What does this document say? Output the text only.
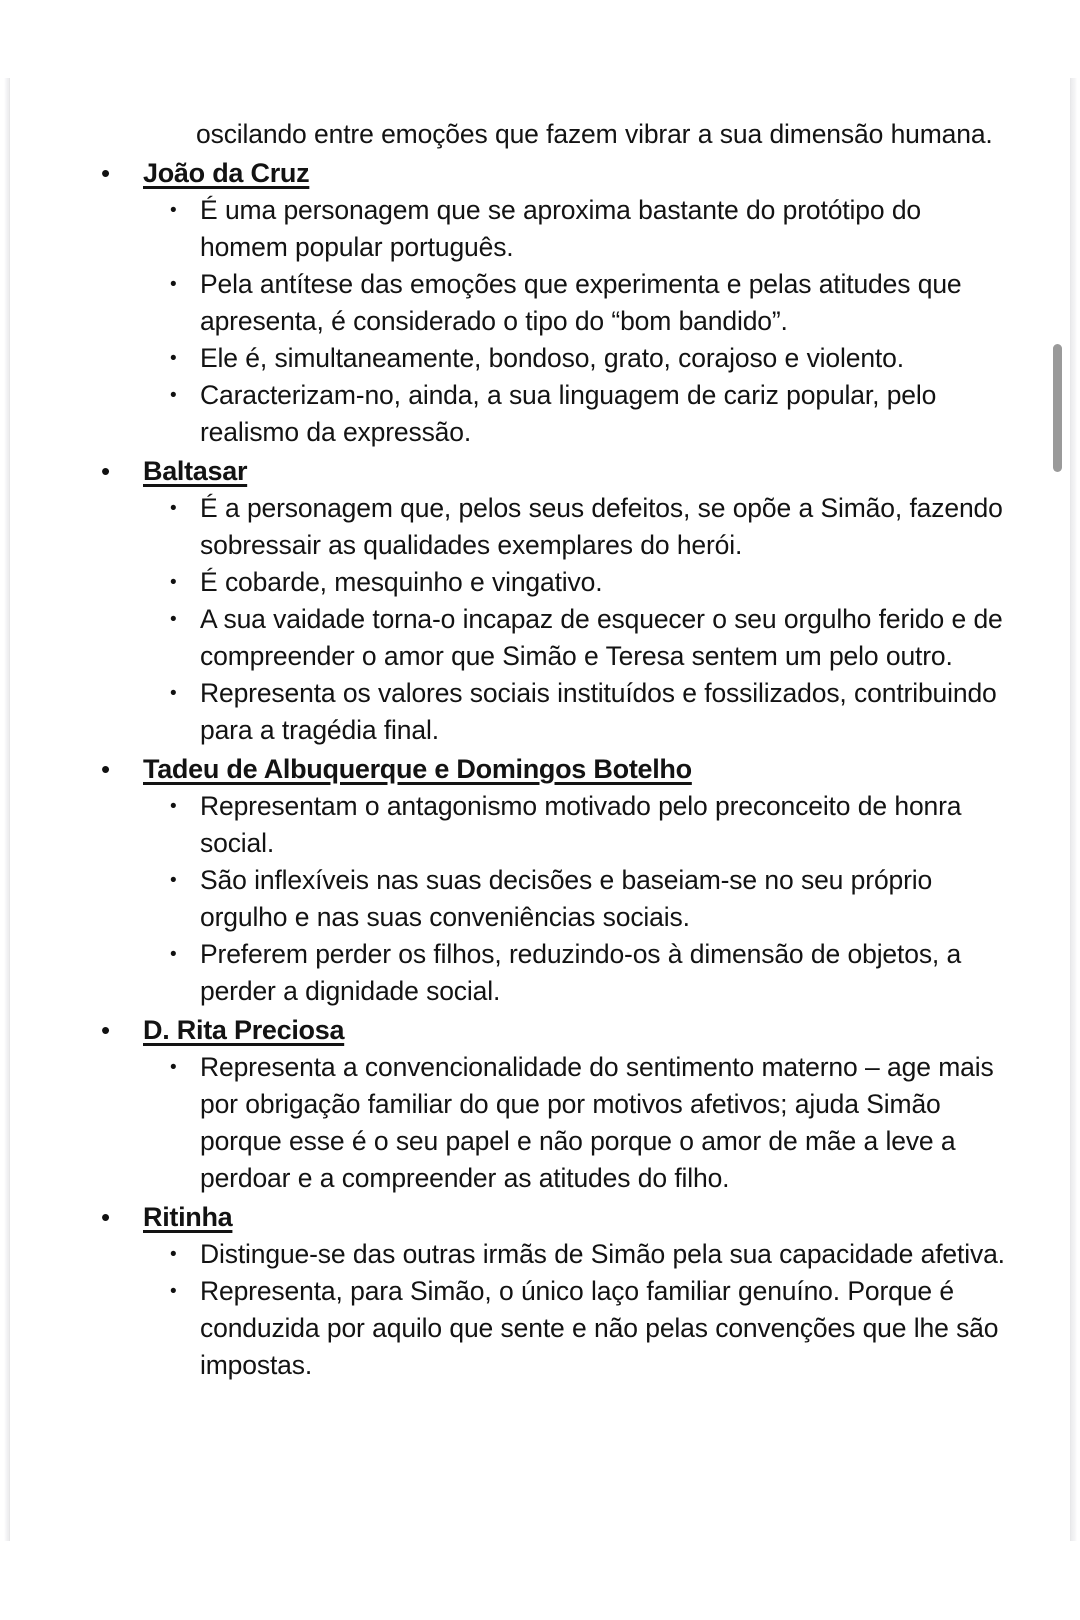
oscilando entre emoções que fazem vibrar a sua dimensão humana.
• João da Cruz
• É uma personagem que se aproxima bastante do protótipo do homem popular português.
• Pela antítese das emoções que experimenta e pelas atitudes que apresenta, é considerado o tipo do “bom bandido”.
• Ele é, simultaneamente, bondoso, grato, corajoso e violento.
• Caracterizam-no, ainda, a sua linguagem de cariz popular, pelo realismo da expressão.
• Baltasar
• É a personagem que, pelos seus defeitos, se opõe a Simão, fazendo sobressair as qualidades exemplares do herói.
• É cobarde, mesquinho e vingativo.
• A sua vaidade torna-o incapaz de esquecer o seu orgulho ferido e de compreender o amor que Simão e Teresa sentem um pelo outro.
• Representa os valores sociais instituídos e fossilizados, contribuindo para a tragédia final.
• Tadeu de Albuquerque e Domingos Botelho
• Representam o antagonismo motivado pelo preconceito de honra social.
• São inflexíveis nas suas decisões e baseiam-se no seu próprio orgulho e nas suas conveniências sociais.
• Preferem perder os filhos, reduzindo-os à dimensão de objetos, a perder a dignidade social.
• D. Rita Preciosa
• Representa a convencionalidade do sentimento materno – age mais por obrigação familiar do que por motivos afetivos; ajuda Simão porque esse é o seu papel e não porque o amor de mãe a leve a perdoar e a compreender as atitudes do filho.
• Ritinha
• Distingue-se das outras irmãs de Simão pela sua capacidade afetiva.
• Representa, para Simão, o único laço familiar genuíno. Porque é conduzida por aquilo que sente e não pelas convenções que lhe são impostas.
